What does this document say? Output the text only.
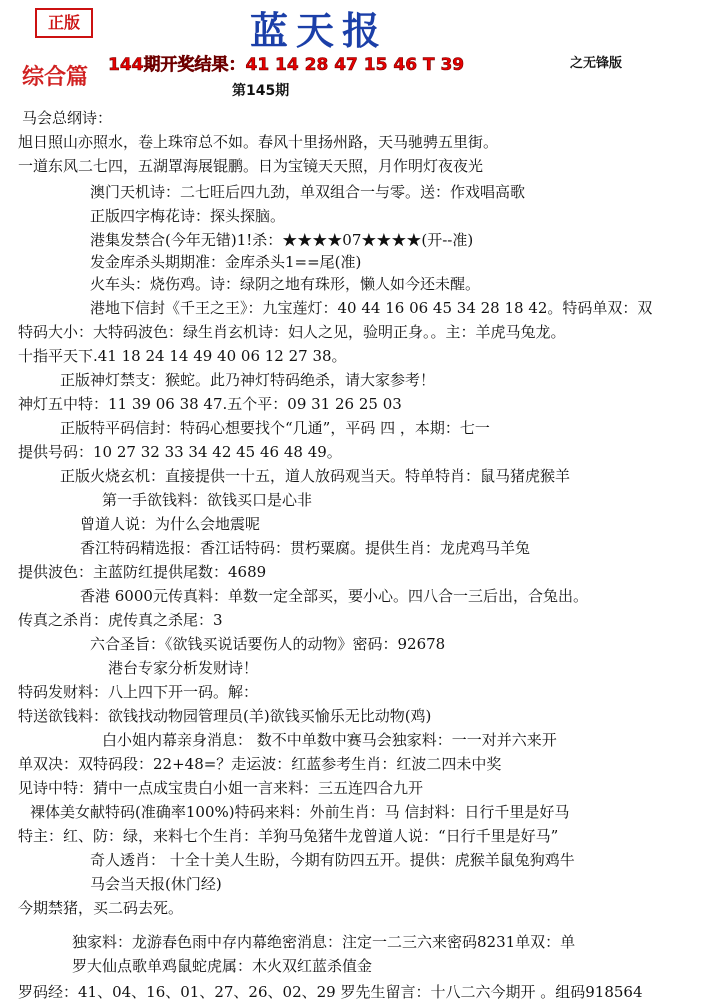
正版	蓝天报
综合篇 144期开奖结果：41 14 28 47 15 46 T 39	之无锋版
第145期
马会总纲诗：
旭日照山亦照水，卷上珠帘总不如。春风十里扬州路，天马驰骋五里街。
一道东风二七四，五湖罩海展锟鹏。日为宝镜天天照，月作明灯夜夜光
澳门天机诗：二七旺后四九劲，单双组合一与零。送：作戏唱高歌
正版四字梅花诗：探头探脑。
港集发禁合(今年无错)1!杀：★★★★07★★★★(开--准)
发金库杀头期期准：金库杀头1==尾(准)
火车头：烧伤鸡。诗：绿阴之地有珠形，懒人如今还未醒。
港地下信封《千王之王》：九宝莲灯：40 44 16 06 45 34 28 18 42。特码单双：双
特码大小：大特码波色：绿生肖玄机诗：妇人之见，验明正身。。主：羊虎马兔龙。
十指平天下.41 18 24 14 49 40 06 12 27 38。
正版神灯禁支：猴蛇。此乃神灯特码绝杀，请大家参考！
神灯五中特：11 39 06 38 47.五个平：09 31 26 25 03
正版特平码信封：特码心想要找个“几通”，平码 四 ，本期：七一
提供号码：10 27 32 33 34 42 45 46 48 49。
正版火烧玄机：直接提供一十五，道人放码观当天。特单特肖：鼠马猪虎猴羊
第一手欲钱料：欲钱买口是心非
曾道人说：为什么会地震呢
香江特码精选报：香江话特码：贯朽粟腐。提供生肖：龙虎鸡马羊兔
提供波色：主蓝防红提供尾数：4689
香港 6000元传真料：单数一定全部买，要小心。四八合一三后出，合兔出。
传真之杀肖：虎传真之杀尾：3
六合圣旨：《欲钱买说话要伤人的动物》密码：92678
港台专家分析发财诗！
特码发财料：八上四下开一码。解：
特送欲钱料：欲钱找动物园管理员(羊)欲钱买愉乐无比动物(鸡)
白小姐内幕亲身消息： 数不中单数中赛马会独家料：一一对并六来开
单双决：双特码段：22+48=？走运波：红蓝参考生肖：红波二四未中奖
见诗中特：猜中一点成宝贵白小姐一言来料：三五连四合九开
裸体美女献特码(准确率100%)特码来料：外前生肖：马 信封料：日行千里是好马
特主：红、防：绿，来料七个生肖：羊狗马兔猪牛龙曾道人说：“日行千里是好马”
奇人透肖： 十全十美人生盼，今期有防四五开。提供：虎猴羊鼠兔狗鸡牛
马会当天报(休门经)
今期禁猪，买二码去死。
独家料：龙游春色雨中存内幕绝密消息：注定一二三六来密码8231单双：单
罗大仙点歌单鸡鼠蛇虎属：木火双红蓝杀值金
罗码经：41、04、16、01、27、26、02、29 罗先生留言：十八二六今期开 。组码918564
